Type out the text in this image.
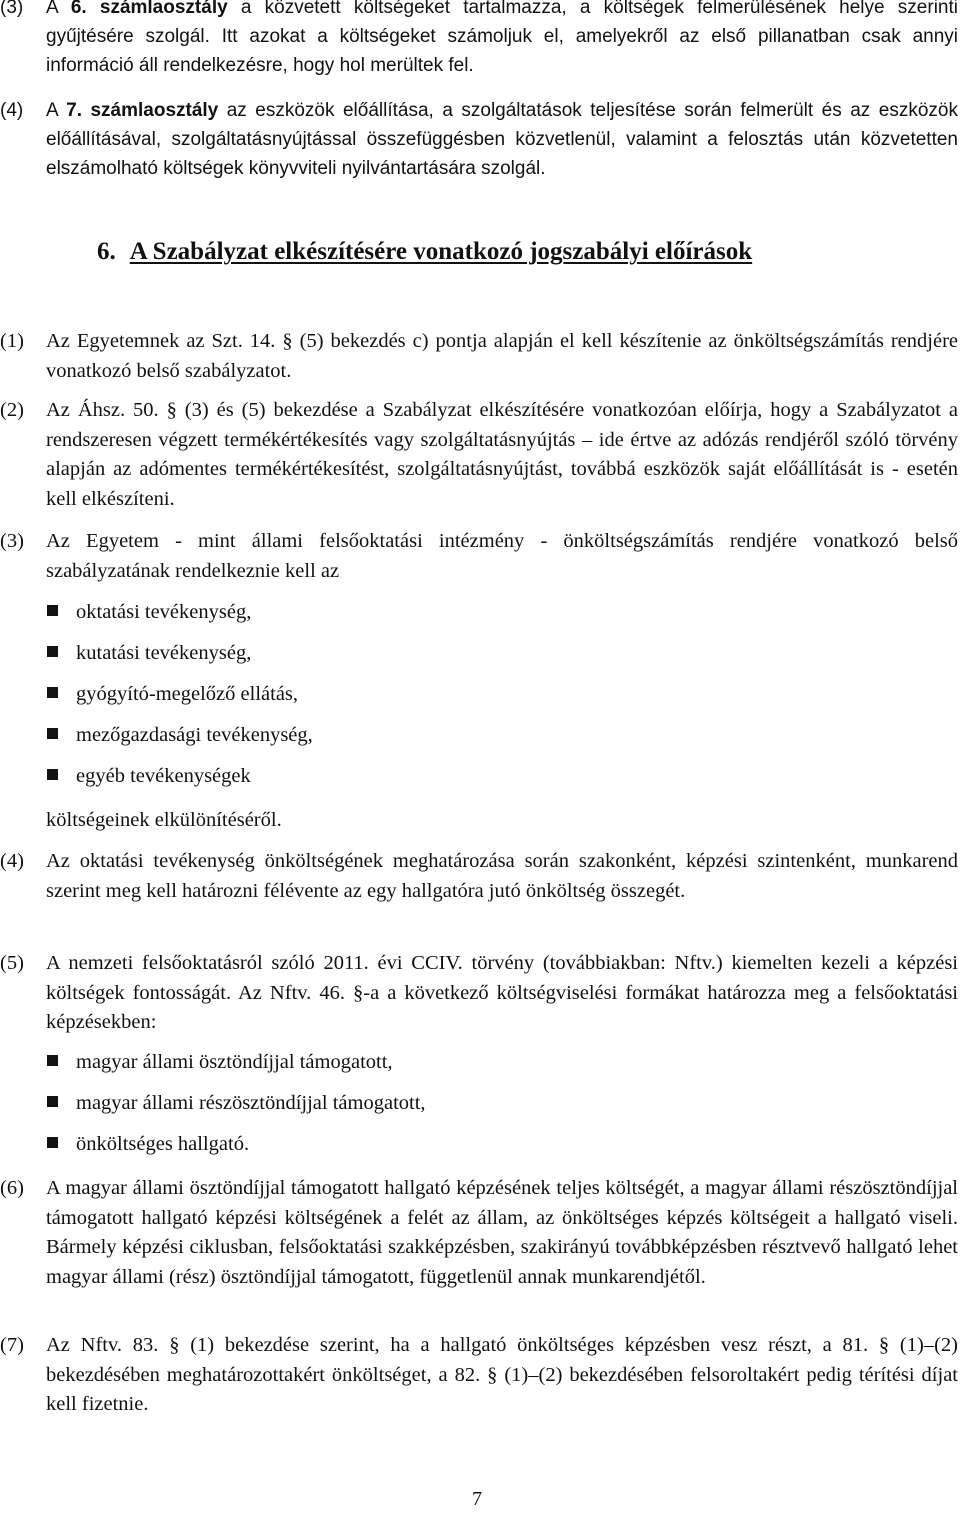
(3) A 6. számlaosztály a közvetett költségeket tartalmazza, a költségek felmerülésének helye szerinti gyűjtésére szolgál. Itt azokat a költségeket számoljuk el, amelyekről az első pillanatban csak annyi információ áll rendelkezésre, hogy hol merültek fel.
(4) A 7. számlaosztály az eszközök előállítása, a szolgáltatások teljesítése során felmerült és az eszközök előállításával, szolgáltatásnyújtással összefüggésben közvetlenül, valamint a felosztás után közvetetten elszámolható költségek könyvviteli nyilvántartására szolgál.
6. A Szabályzat elkészítésére vonatkozó jogszabályi előírások
(1) Az Egyetemnek az Szt. 14. § (5) bekezdés c) pontja alapján el kell készítenie az önköltségszámítás rendjére vonatkozó belső szabályzatot.
(2) Az Áhsz. 50. § (3) és (5) bekezdése a Szabályzat elkészítésére vonatkozóan előírja, hogy a Szabályzatot a rendszeresen végzett termékértékesítés vagy szolgáltatásnyújtás – ide értve az adózás rendjéről szóló törvény alapján az adómentes termékértékesítést, szolgáltatásnyújtást, továbbá eszközök saját előállítását is - esetén kell elkészíteni.
(3) Az Egyetem - mint állami felsőoktatási intézmény - önköltségszámítás rendjére vonatkozó belső szabályzatának rendelkeznie kell az
oktatási tevékenység,
kutatási tevékenység,
gyógyító-megelőző ellátás,
mezőgazdasági tevékenység,
egyéb tevékenységek
költségeinek elkülönítéséről.
(4) Az oktatási tevékenység önköltségének meghatározása során szakonként, képzési szintenként, munkarend szerint meg kell határozni félévente az egy hallgatóra jutó önköltség összegét.
(5) A nemzeti felsőoktatásról szóló 2011. évi CCIV. törvény (továbbiakban: Nftv.) kiemelten kezeli a képzési költségek fontosságát. Az Nftv. 46. §-a a következő költségviselési formákat határozza meg a felsőoktatási képzésekben:
magyar állami ösztöndíjjal támogatott,
magyar állami részösztöndíjjal támogatott,
önköltséges hallgató.
(6) A magyar állami ösztöndíjjal támogatott hallgató képzésének teljes költségét, a magyar állami részösztöndíjjal támogatott hallgató képzési költségének a felét az állam, az önköltséges képzés költségeit a hallgató viseli. Bármely képzési ciklusban, felsőoktatási szakképzésben, szakirányú továbbképzésben résztvevő hallgató lehet magyar állami (rész) ösztöndíjjal támogatott, függetlenül annak munkarendjétől.
(7) Az Nftv. 83. § (1) bekezdése szerint, ha a hallgató önköltséges képzésben vesz részt, a 81. § (1)–(2) bekezdésében meghatározottakért önköltséget, a 82. § (1)–(2) bekezdésében felsoroltakért pedig térítési díjat kell fizetnie.
7
